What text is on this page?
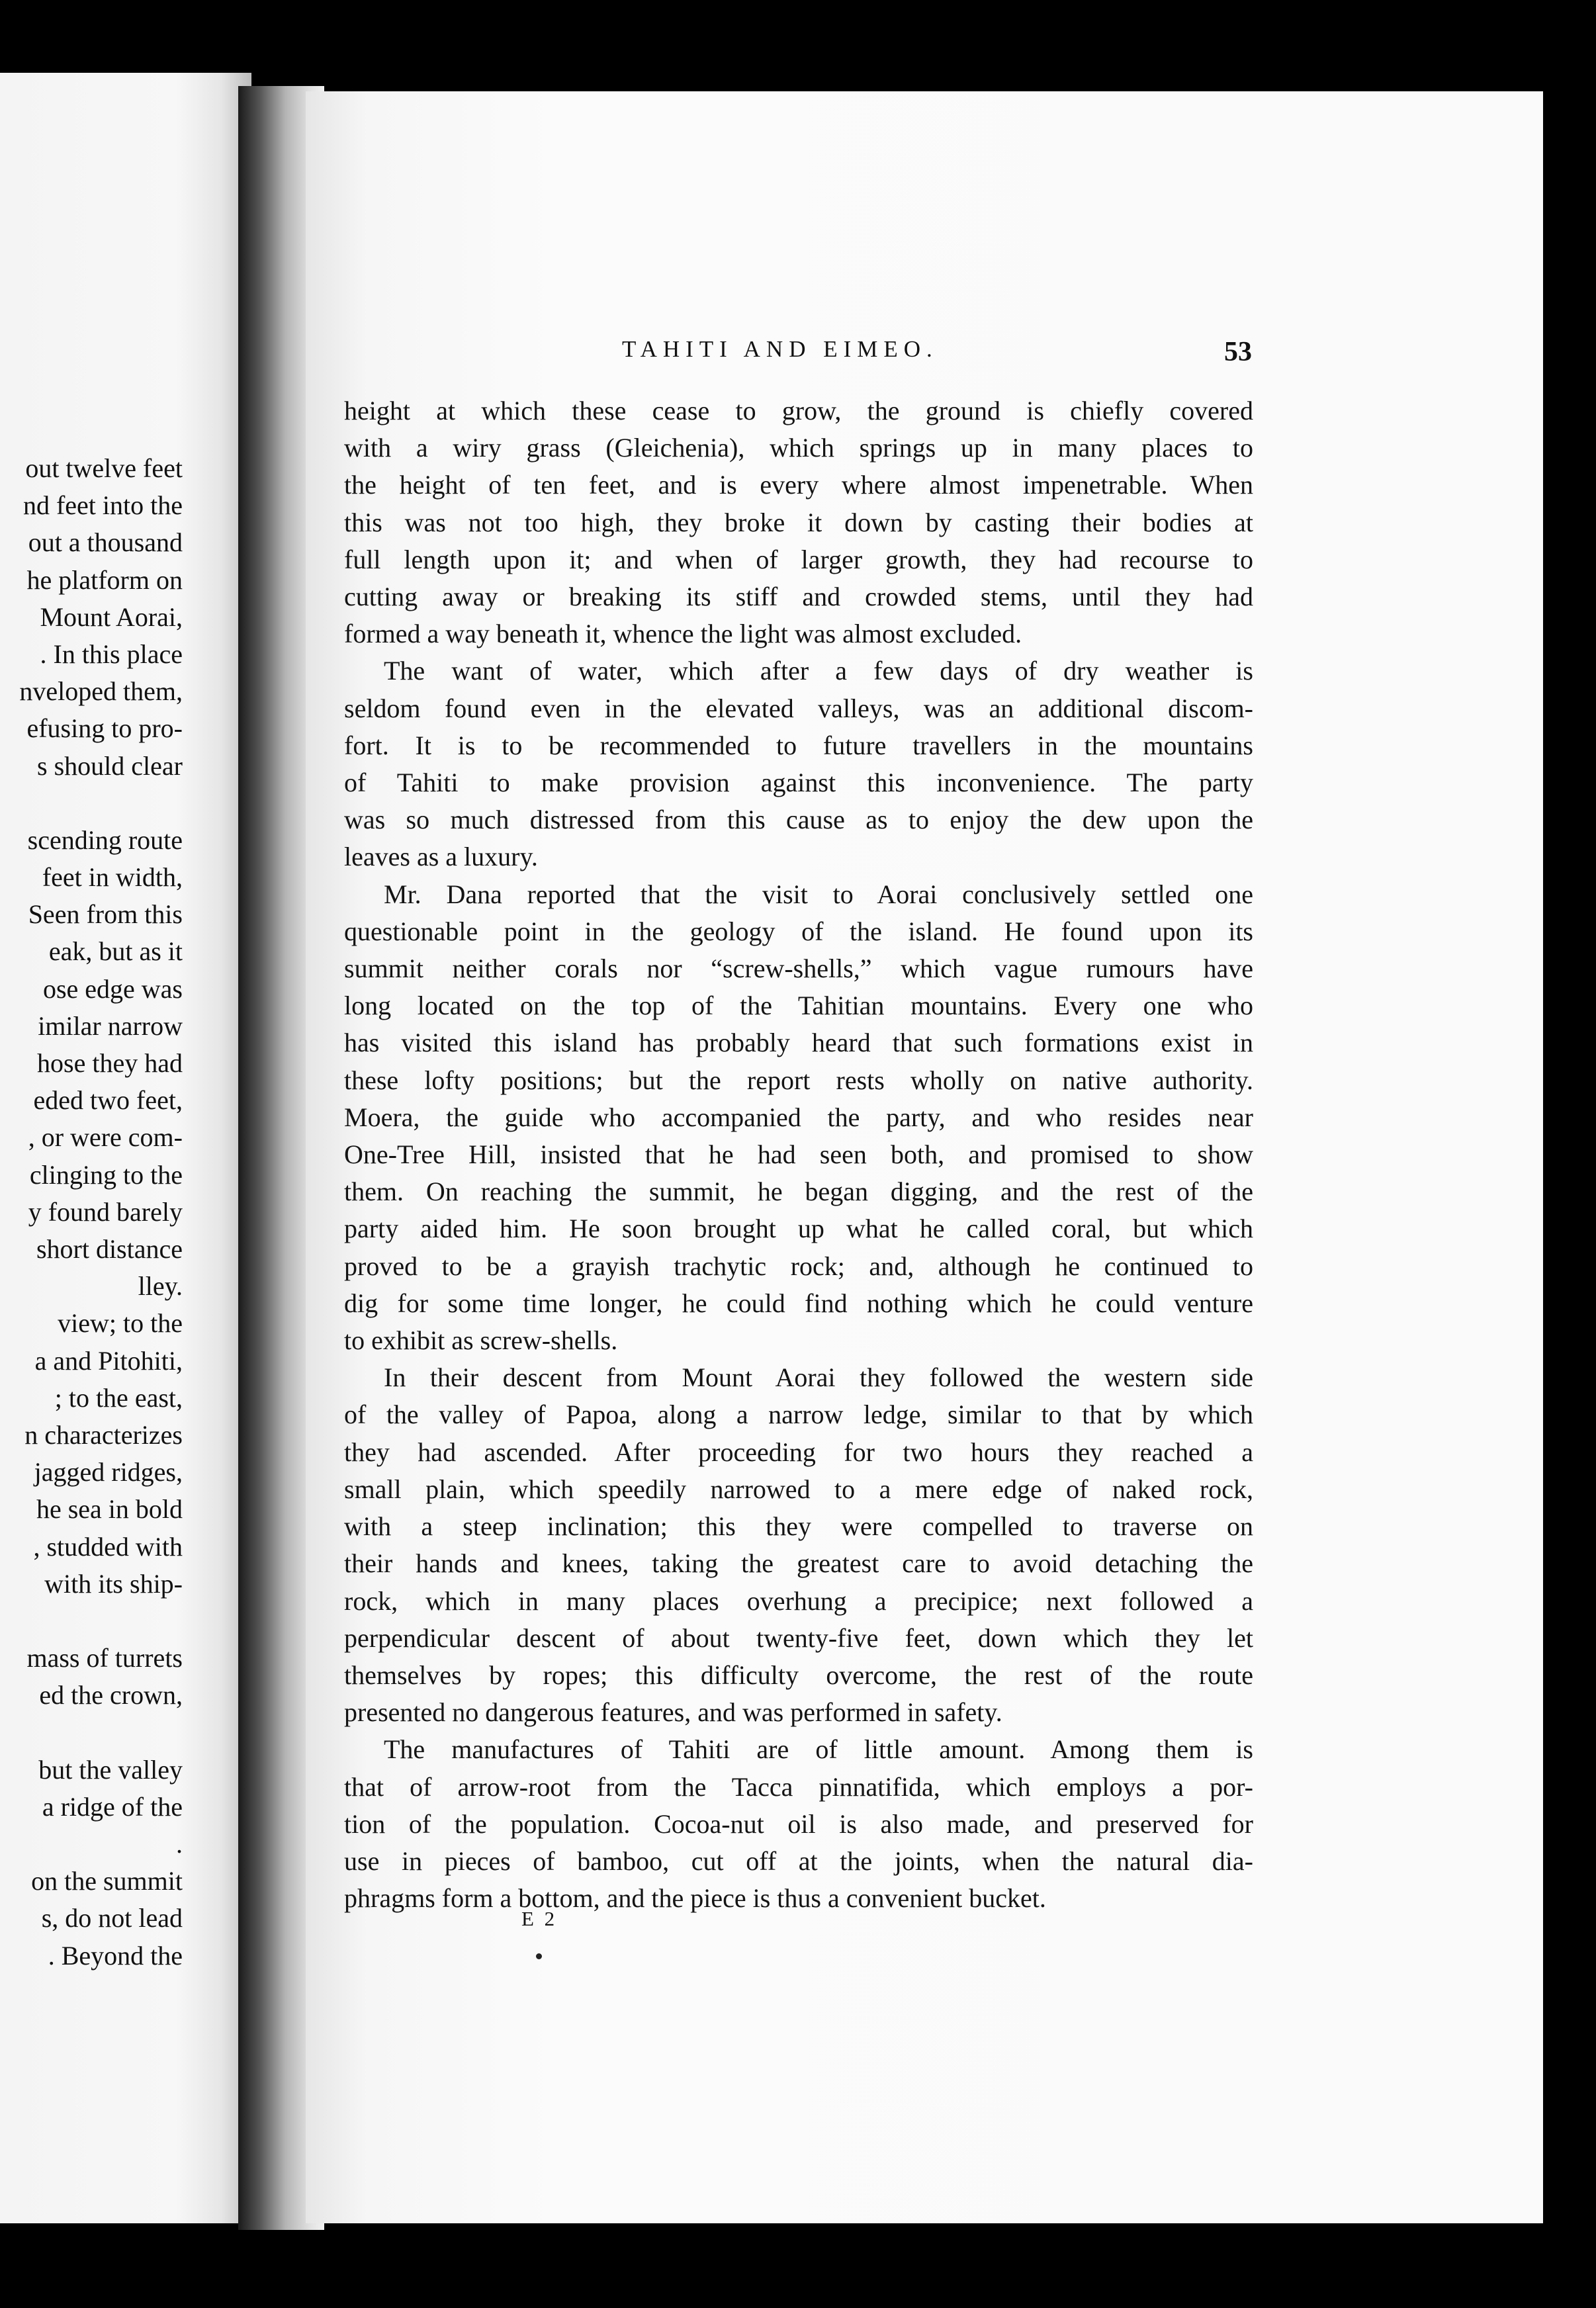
out twelve feet
nd feet into the
out a thousand
he platform on
Mount Aorai,
. In this place
nveloped them,
efusing to pro-
s should clear
scending route
feet in width,
Seen from this
eak, but as it
ose edge was
imilar narrow
hose they had
eded two feet,
, or were com-
clinging to the
y found barely
short distance
lley.
view; to the
a and Pitohiti,
; to the east,
n characterizes
jagged ridges,
he sea in bold
, studded with
with its ship-
mass of turrets
ed the crown,
but the valley
a ridge of the
.
on the summit
s, do not lead
. Beyond the
TAHITI AND EIMEO.	53
height at which these cease to grow, the ground is chiefly covered
with a wiry grass (Gleichenia), which springs up in many places to
the height of ten feet, and is every where almost impenetrable. When
this was not too high, they broke it down by casting their bodies at
full length upon it; and when of larger growth, they had recourse to
cutting away or breaking its stiff and crowded stems, until they had
formed a way beneath it, whence the light was almost excluded.
The want of water, which after a few days of dry weather is
seldom found even in the elevated valleys, was an additional discom-
fort. It is to be recommended to future travellers in the mountains
of Tahiti to make provision against this inconvenience. The party
was so much distressed from this cause as to enjoy the dew upon the
leaves as a luxury.
Mr. Dana reported that the visit to Aorai conclusively settled one
questionable point in the geology of the island. He found upon its
summit neither corals nor “screw-shells,” which vague rumours have
long located on the top of the Tahitian mountains. Every one who
has visited this island has probably heard that such formations exist in
these lofty positions; but the report rests wholly on native authority.
Moera, the guide who accompanied the party, and who resides near
One-Tree Hill, insisted that he had seen both, and promised to show
them. On reaching the summit, he began digging, and the rest of the
party aided him. He soon brought up what he called coral, but which
proved to be a grayish trachytic rock; and, although he continued to
dig for some time longer, he could find nothing which he could venture
to exhibit as screw-shells.
In their descent from Mount Aorai they followed the western side
of the valley of Papoa, along a narrow ledge, similar to that by which
they had ascended. After proceeding for two hours they reached a
small plain, which speedily narrowed to a mere edge of naked rock,
with a steep inclination; this they were compelled to traverse on
their hands and knees, taking the greatest care to avoid detaching the
rock, which in many places overhung a precipice; next followed a
perpendicular descent of about twenty-five feet, down which they let
themselves by ropes; this difficulty overcome, the rest of the route
presented no dangerous features, and was performed in safety.
The manufactures of Tahiti are of little amount. Among them is
that of arrow-root from the Tacca pinnatifida, which employs a por-
tion of the population. Cocoa-nut oil is also made, and preserved for
use in pieces of bamboo, cut off at the joints, when the natural dia-
phragms form a bottom, and the piece is thus a convenient bucket.
E 2
